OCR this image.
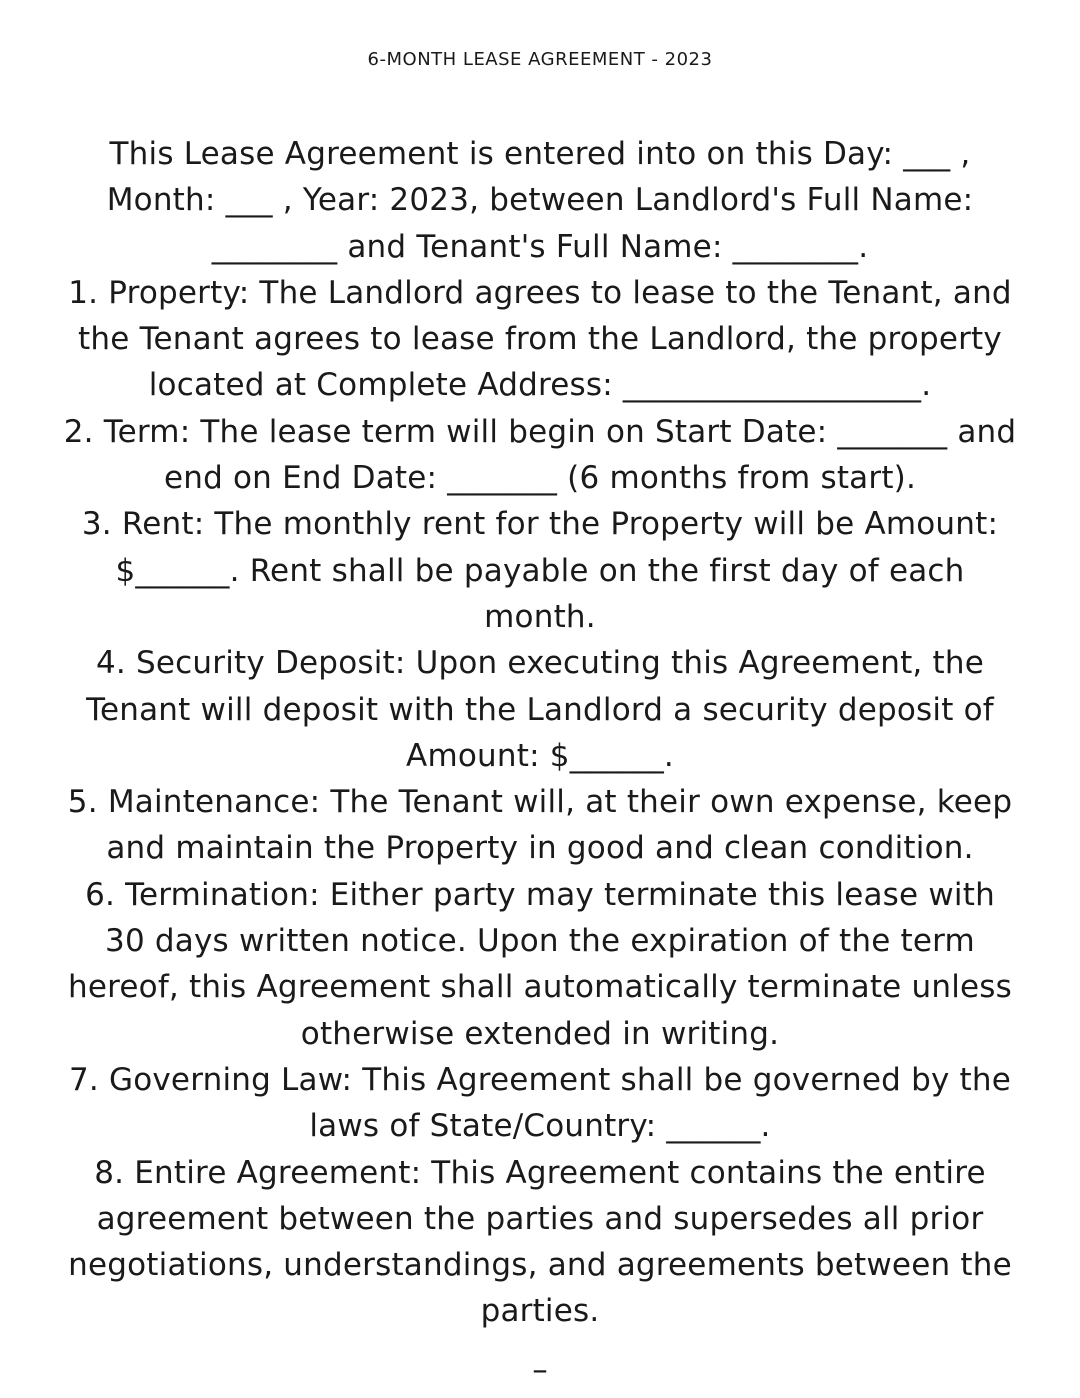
6-MONTH LEASE AGREEMENT - 2023
This Lease Agreement is entered into on this Day: ___ ,
Month: ___ , Year: 2023, between Landlord's Full Name:
________ and Tenant's Full Name: ________.
1. Property: The Landlord agrees to lease to the Tenant, and
the Tenant agrees to lease from the Landlord, the property
located at Complete Address: ___________________.
2. Term: The lease term will begin on Start Date: _______ and
end on End Date: _______ (6 months from start).
3. Rent: The monthly rent for the Property will be Amount:
$______. Rent shall be payable on the first day of each
month.
4. Security Deposit: Upon executing this Agreement, the
Tenant will deposit with the Landlord a security deposit of
Amount: $______.
5. Maintenance: The Tenant will, at their own expense, keep
and maintain the Property in good and clean condition.
6. Termination: Either party may terminate this lease with
30 days written notice. Upon the expiration of the term
hereof, this Agreement shall automatically terminate unless
otherwise extended in writing.
7. Governing Law: This Agreement shall be governed by the
laws of State/Country: ______.
8. Entire Agreement: This Agreement contains the entire
agreement between the parties and supersedes all prior
negotiations, understandings, and agreements between the
parties.
–
